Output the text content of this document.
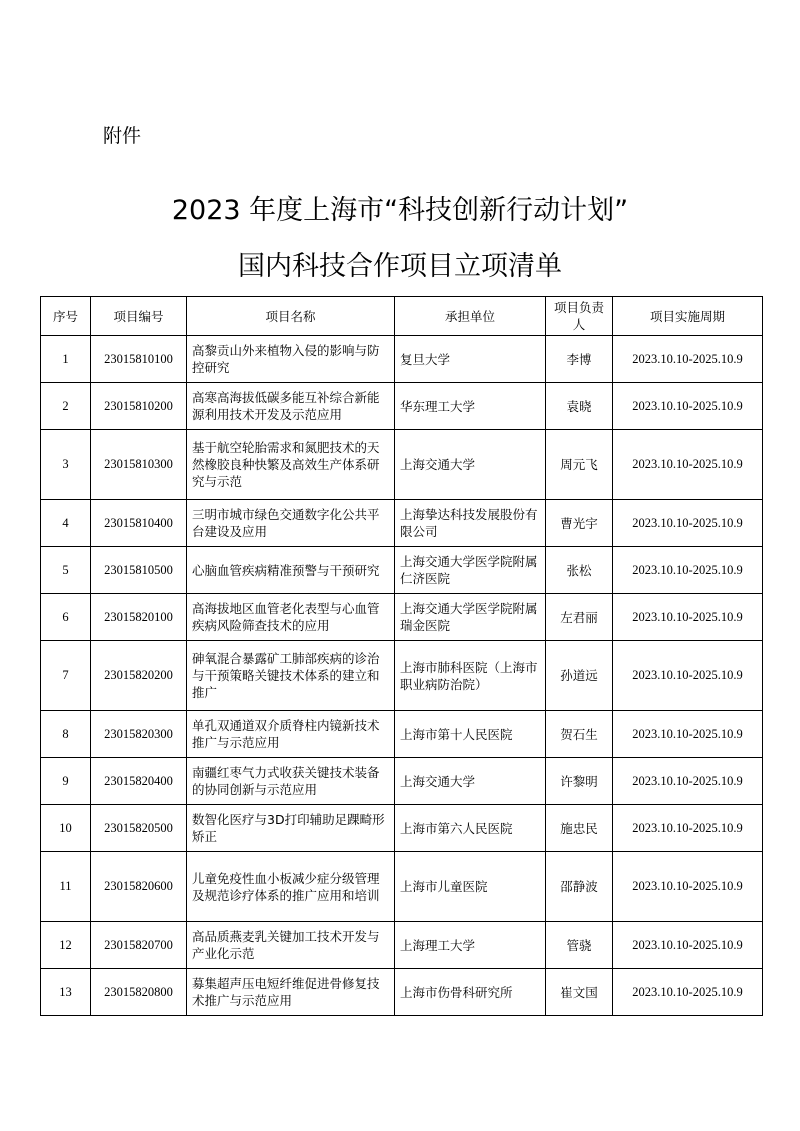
附件
2023 年度上海市“科技创新行动计划”
国内科技合作项目立项清单
序号	项目编号	项目名称	承担单位	项目负责人	项目实施周期
1	23015810100	高黎贡山外来植物入侵的影响与防控研究	复旦大学	李博	2023.10.10-2025.10.9
2	23015810200	高寒高海拔低碳多能互补综合新能源利用技术开发及示范应用	华东理工大学	袁晓	2023.10.10-2025.10.9
3	23015810300	基于航空轮胎需求和氮肥技术的天然橡胶良种快繁及高效生产体系研究与示范	上海交通大学	周元飞	2023.10.10-2025.10.9
4	23015810400	三明市城市绿色交通数字化公共平台建设及应用	上海挚达科技发展股份有限公司	曹光宇	2023.10.10-2025.10.9
5	23015810500	心脑血管疾病精准预警与干预研究	上海交通大学医学院附属仁济医院	张松	2023.10.10-2025.10.9
6	23015820100	高海拔地区血管老化表型与心血管疾病风险筛查技术的应用	上海交通大学医学院附属瑞金医院	左君丽	2023.10.10-2025.10.9
7	23015820200	砷氧混合暴露矿工肺部疾病的诊治与干预策略关键技术体系的建立和推广	上海市肺科医院（上海市职业病防治院）	孙道远	2023.10.10-2025.10.9
8	23015820300	单孔双通道双介质脊柱内镜新技术推广与示范应用	上海市第十人民医院	贺石生	2023.10.10-2025.10.9
9	23015820400	南疆红枣气力式收获关键技术装备的协同创新与示范应用	上海交通大学	许黎明	2023.10.10-2025.10.9
10	23015820500	数智化医疗与3D打印辅助足踝畸形矫正	上海市第六人民医院	施忠民	2023.10.10-2025.10.9
11	23015820600	儿童免疫性血小板减少症分级管理及规范诊疗体系的推广应用和培训	上海市儿童医院	邵静波	2023.10.10-2025.10.9
12	23015820700	高品质燕麦乳关键加工技术开发与产业化示范	上海理工大学	管骁	2023.10.10-2025.10.9
13	23015820800	募集超声压电短纤维促进骨修复技术推广与示范应用	上海市伤骨科研究所	崔文国	2023.10.10-2025.10.9
